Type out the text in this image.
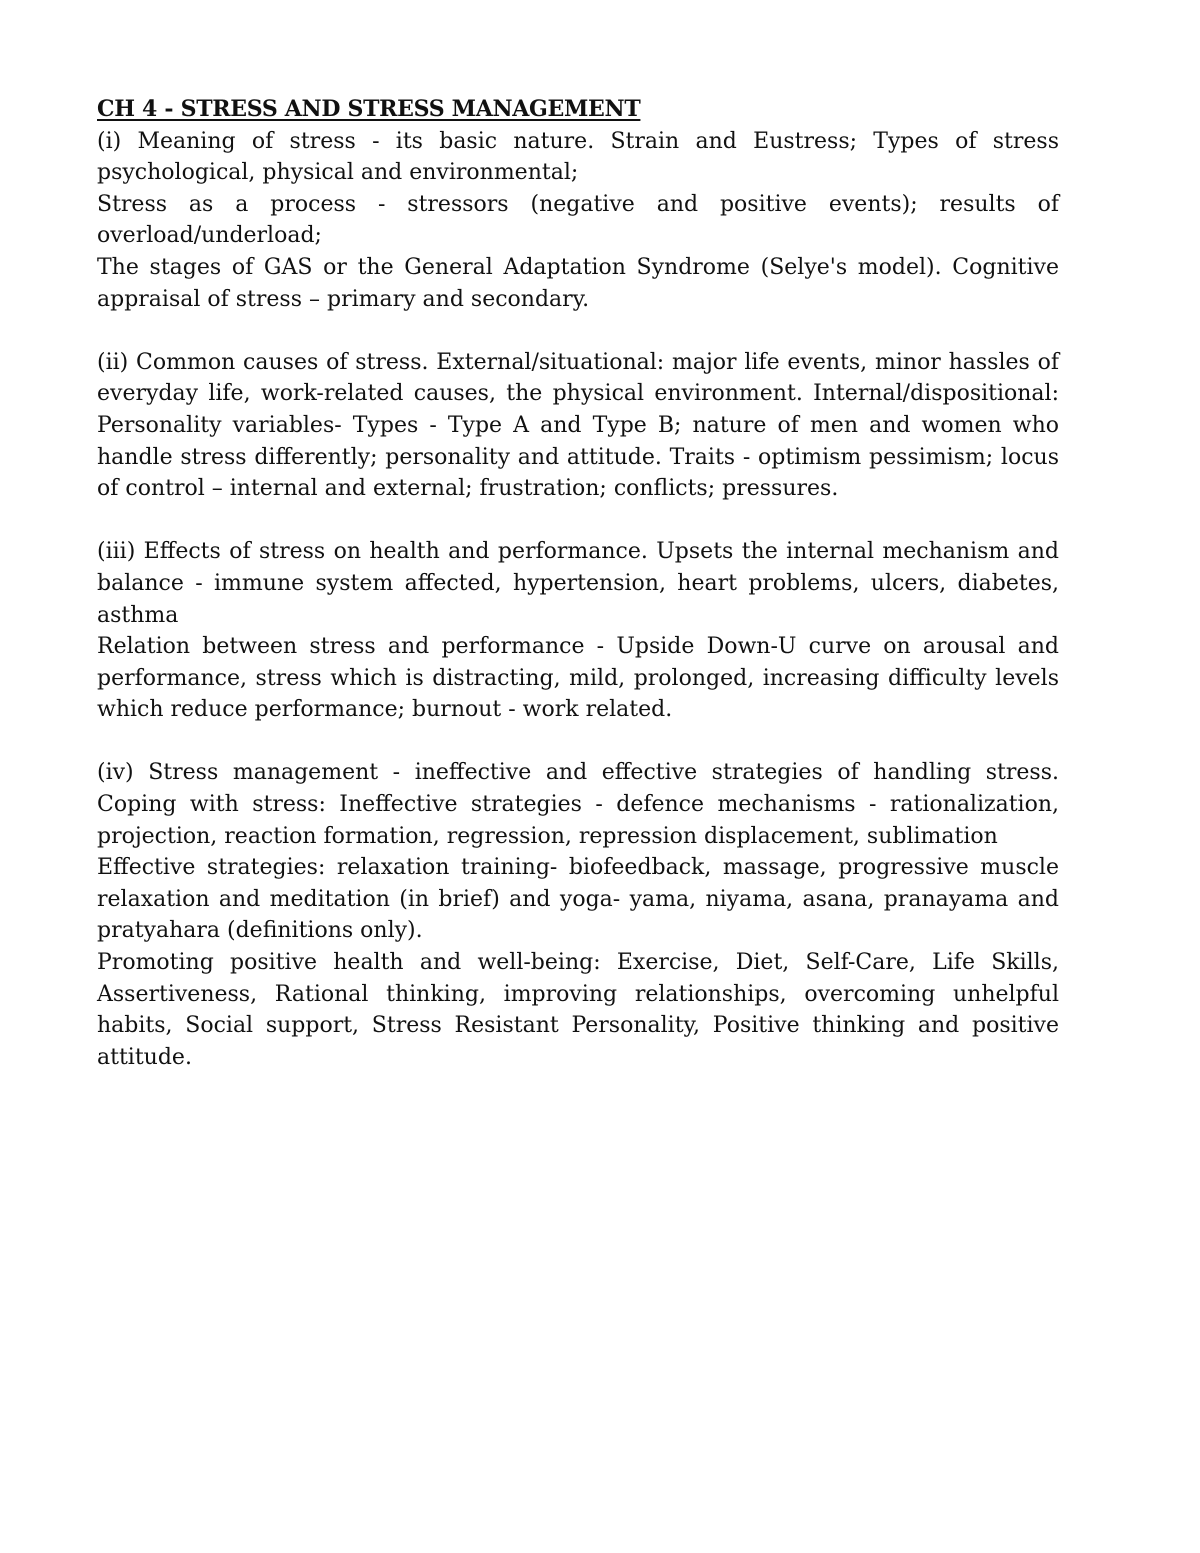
CH 4 - STRESS AND STRESS MANAGEMENT

(i) Meaning of stress - its basic nature. Strain and Eustress; Types of stress psychological, physical and environmental;

Stress as a process - stressors (negative and positive events); results of overload/underload;

The stages of GAS or the General Adaptation Syndrome (Selye's model). Cognitive appraisal of stress – primary and secondary.

(ii) Common causes of stress. External/situational: major life events, minor hassles of everyday life, work-related causes, the physical environment. Internal/dispositional: Personality variables- Types - Type A and Type B; nature of men and women who handle stress differently; personality and attitude. Traits - optimism pessimism; locus of control – internal and external; frustration; conflicts; pressures.

(iii) Effects of stress on health and performance. Upsets the internal mechanism and balance - immune system affected, hypertension, heart problems, ulcers, diabetes, asthma

Relation between stress and performance - Upside Down-U curve on arousal and performance, stress which is distracting, mild, prolonged, increasing difficulty levels which reduce performance; burnout - work related.

(iv) Stress management - ineffective and effective strategies of handling stress. Coping with stress: Ineffective strategies - defence mechanisms - rationalization, projection, reaction formation, regression, repression displacement, sublimation

Effective strategies: relaxation training- biofeedback, massage, progressive muscle relaxation and meditation (in brief) and yoga- yama, niyama, asana, pranayama and pratyahara (definitions only).

Promoting positive health and well-being: Exercise, Diet, Self-Care, Life Skills, Assertiveness, Rational thinking, improving relationships, overcoming unhelpful habits, Social support, Stress Resistant Personality, Positive thinking and positive attitude.
